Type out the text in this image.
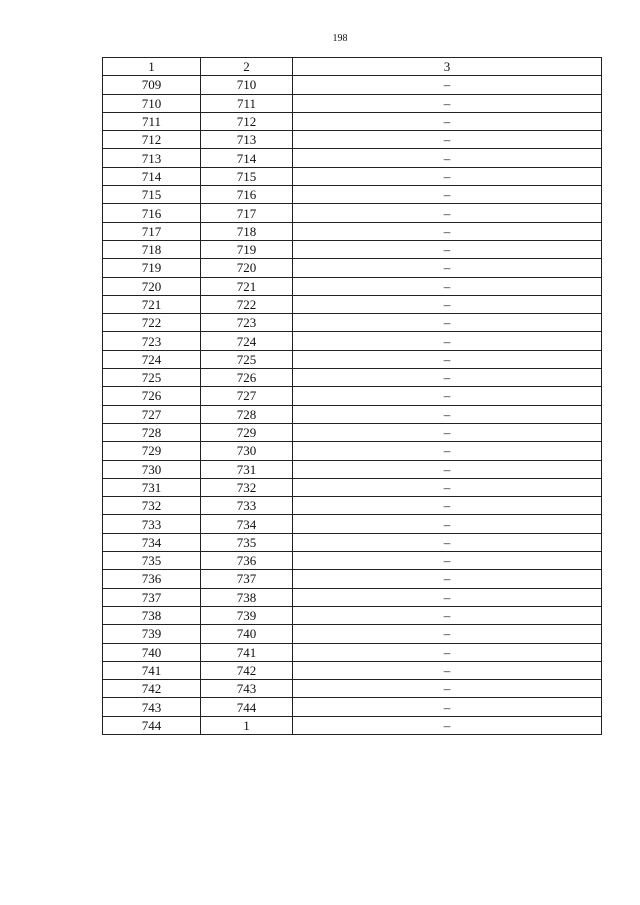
198
1	2	3
709	710	–
710	711	–
711	712	–
712	713	–
713	714	–
714	715	–
715	716	–
716	717	–
717	718	–
718	719	–
719	720	–
720	721	–
721	722	–
722	723	–
723	724	–
724	725	–
725	726	–
726	727	–
727	728	–
728	729	–
729	730	–
730	731	–
731	732	–
732	733	–
733	734	–
734	735	–
735	736	–
736	737	–
737	738	–
738	739	–
739	740	–
740	741	–
741	742	–
742	743	–
743	744	–
744	1	–
